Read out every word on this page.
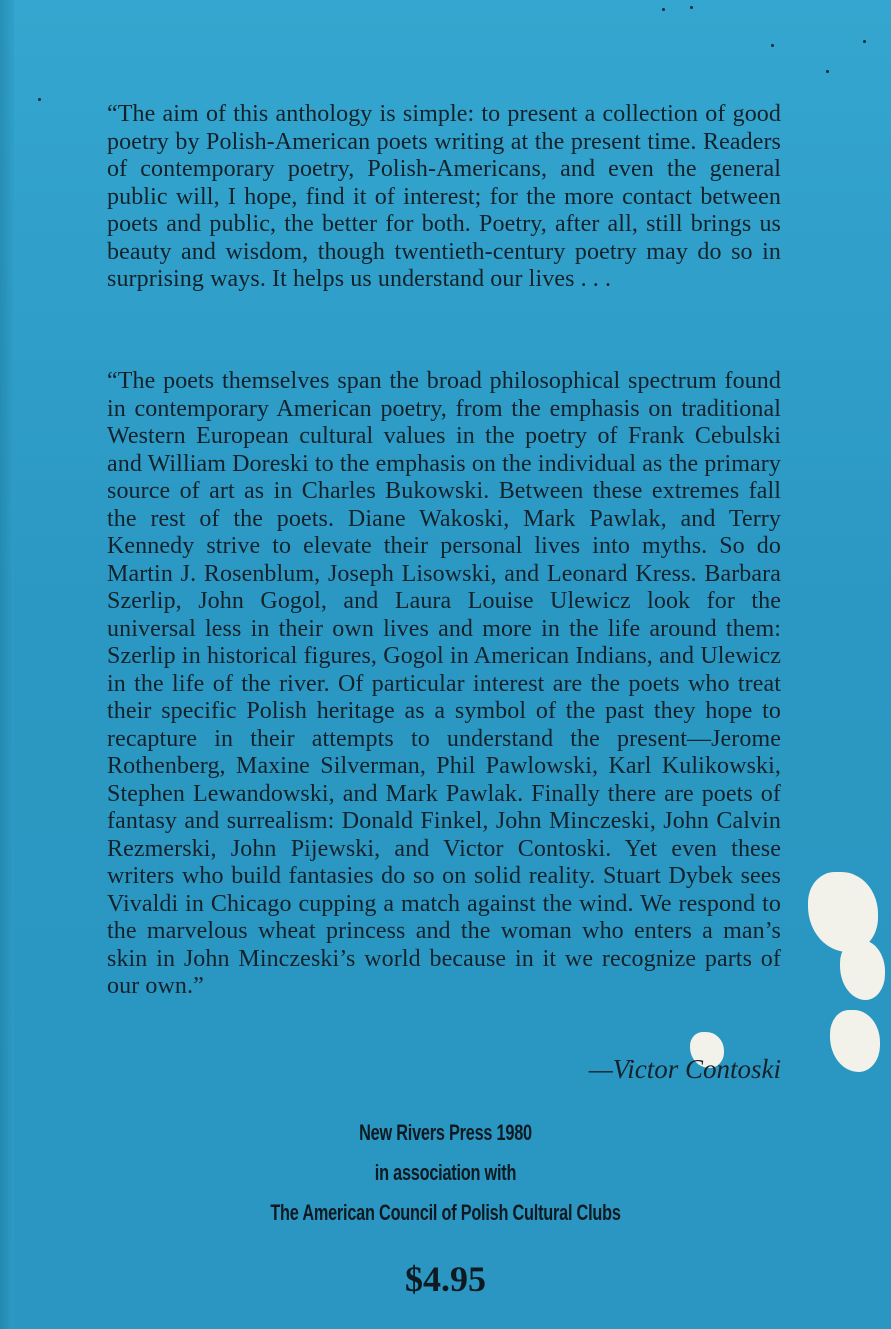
“The aim of this anthology is simple: to present a collection of good poetry by Polish-American poets writing at the present time. Readers of contemporary poetry, Polish-Americans, and even the general public will, I hope, find it of interest; for the more contact between poets and public, the better for both. Poetry, after all, still brings us beauty and wisdom, though twentieth-century poetry may do so in surprising ways. It helps us understand our lives . . .

“The poets themselves span the broad philosophical spectrum found in contemporary American poetry, from the emphasis on traditional Western European cultural values in the poetry of Frank Cebulski and William Doreski to the emphasis on the individual as the primary source of art as in Charles Bukowski. Between these extremes fall the rest of the poets. Diane Wakoski, Mark Pawlak, and Terry Kennedy strive to elevate their personal lives into myths. So do Martin J. Rosenblum, Joseph Lisowski, and Leonard Kress. Barbara Szerlip, John Gogol, and Laura Louise Ulewicz look for the universal less in their own lives and more in the life around them: Szerlip in historical figures, Gogol in American Indians, and Ulewicz in the life of the river. Of particular interest are the poets who treat their specific Polish heritage as a symbol of the past they hope to recapture in their attempts to understand the present—Jerome Rothenberg, Maxine Silverman, Phil Pawlowski, Karl Kulikowski, Stephen Lewandowski, and Mark Pawlak. Finally there are poets of fantasy and surrealism: Donald Finkel, John Minczeski, John Calvin Rezmerski, John Pijewski, and Victor Contoski. Yet even these writers who build fantasies do so on solid reality. Stuart Dybek sees Vivaldi in Chicago cupping a match against the wind. We respond to the marvelous wheat princess and the woman who enters a man’s skin in John Minczeski’s world because in it we recognize parts of our own.”

—Victor Contoski
New Rivers Press 1980
in association with
The American Council of Polish Cultural Clubs
$4.95
